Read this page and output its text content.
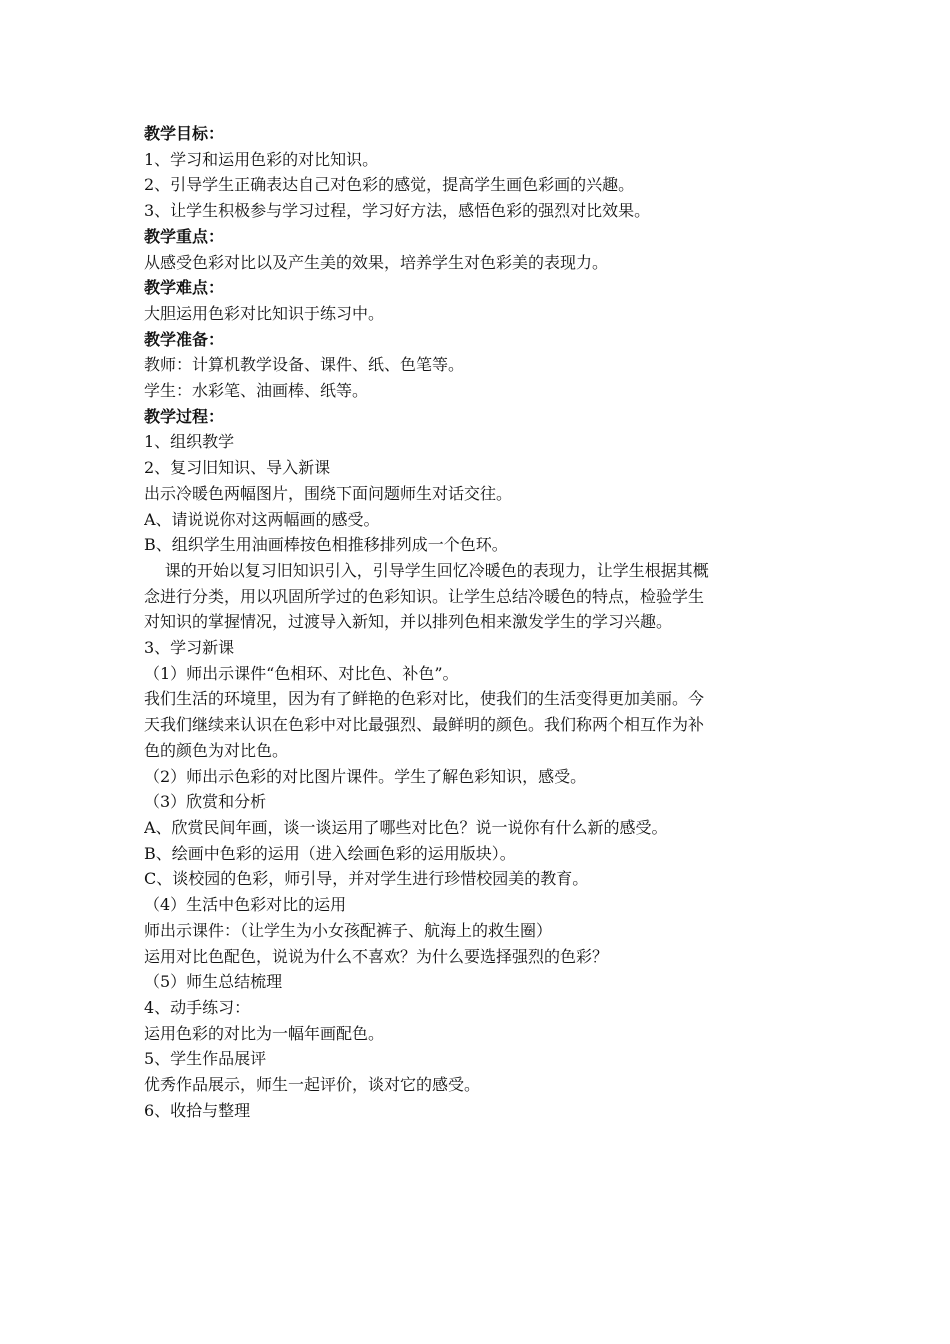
教学目标：
1、学习和运用色彩的对比知识。
2、引导学生正确表达自己对色彩的感觉，提高学生画色彩画的兴趣。
3、让学生积极参与学习过程，学习好方法，感悟色彩的强烈对比效果。
教学重点：
从感受色彩对比以及产生美的效果，培养学生对色彩美的表现力。
教学难点：
大胆运用色彩对比知识于练习中。
教学准备：
教师：计算机教学设备、课件、纸、色笔等。
学生：水彩笔、油画棒、纸等。
教学过程：
1、组织教学
2、复习旧知识、导入新课
出示冷暖色两幅图片，围绕下面问题师生对话交往。
A、请说说你对这两幅画的感受。
B、组织学生用油画棒按色相推移排列成一个色环。
课的开始以复习旧知识引入，引导学生回忆冷暖色的表现力，让学生根据其概
念进行分类，用以巩固所学过的色彩知识。让学生总结冷暖色的特点，检验学生
对知识的掌握情况，过渡导入新知，并以排列色相来激发学生的学习兴趣。
3、学习新课
（1）师出示课件“色相环、对比色、补色”。
我们生活的环境里，因为有了鲜艳的色彩对比，使我们的生活变得更加美丽。今
天我们继续来认识在色彩中对比最强烈、最鲜明的颜色。我们称两个相互作为补
色的颜色为对比色。
（2）师出示色彩的对比图片课件。学生了解色彩知识，感受。
（3）欣赏和分析
A、欣赏民间年画，谈一谈运用了哪些对比色？说一说你有什么新的感受。
B、绘画中色彩的运用（进入绘画色彩的运用版块）。
C、谈校园的色彩，师引导，并对学生进行珍惜校园美的教育。
（4）生活中色彩对比的运用
师出示课件：（让学生为小女孩配裤子、航海上的救生圈）
运用对比色配色，说说为什么不喜欢？为什么要选择强烈的色彩？
（5）师生总结梳理
4、动手练习：
运用色彩的对比为一幅年画配色。
5、学生作品展评
优秀作品展示，师生一起评价，谈对它的感受。
6、收拾与整理
